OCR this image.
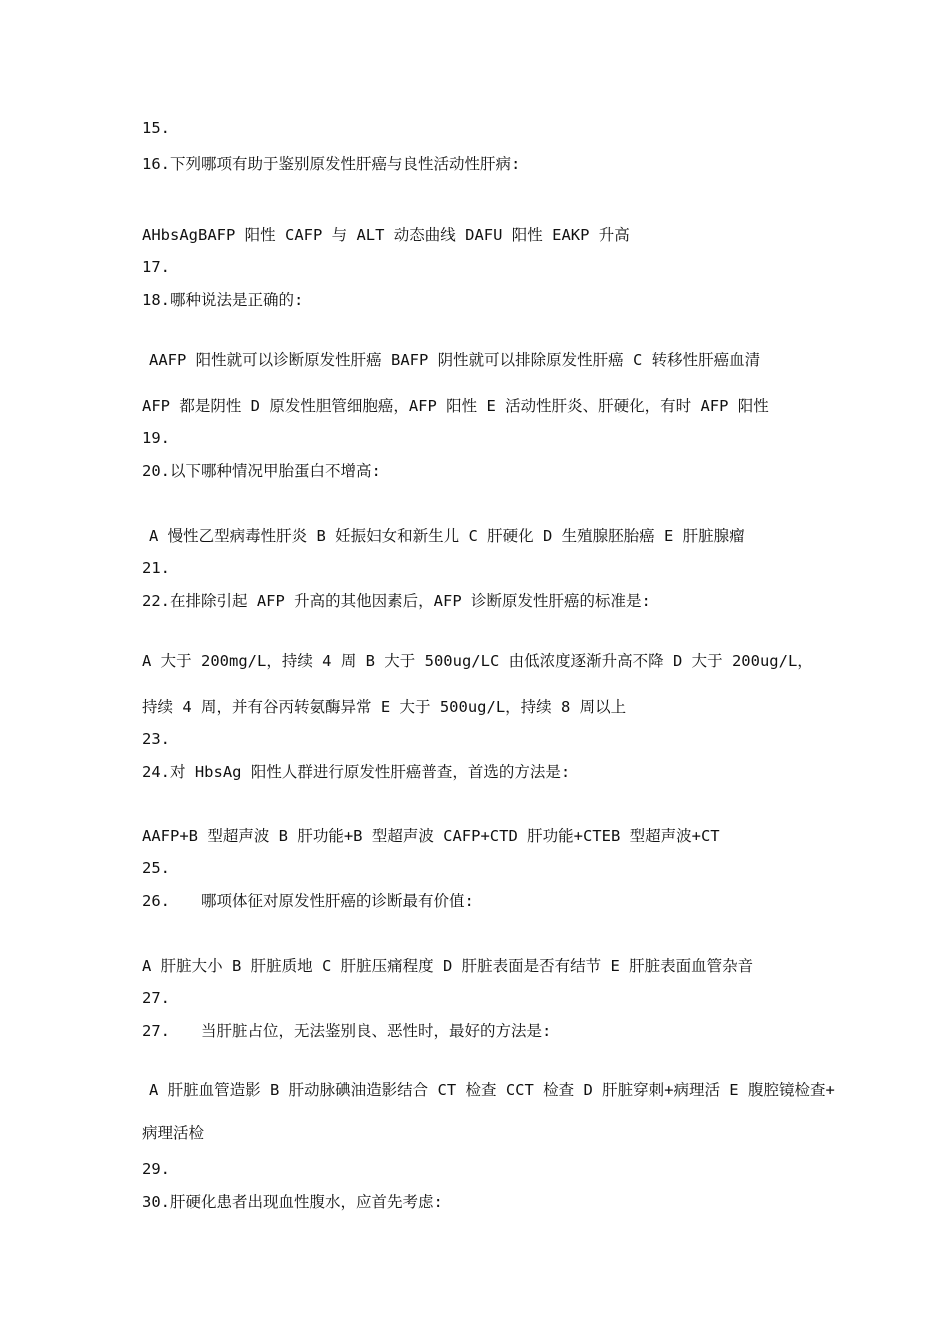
15.
16.下列哪项有助于鉴别原发性肝癌与良性活动性肝病:
AHbsAgBAFP 阳性 CAFP 与 ALT 动态曲线 DAFU 阳性 EAKP 升高
17.
18.哪种说法是正确的:
AAFP 阳性就可以诊断原发性肝癌 BAFP 阴性就可以排除原发性肝癌 C 转移性肝癌血清
AFP 都是阴性 D 原发性胆管细胞癌，AFP 阳性 E 活动性肝炎、肝硬化，有时 AFP 阳性
19.
20.以下哪种情况甲胎蛋白不增高:
A 慢性乙型病毒性肝炎 B 妊振妇女和新生儿 C 肝硬化 D 生殖腺胚胎癌 E 肝脏腺瘤
21.
22.在排除引起 AFP 升高的其他因素后，AFP 诊断原发性肝癌的标准是:
A 大于 200mg/L，持续 4 周 B 大于 500ug/LC 由低浓度逐渐升高不降 D 大于 200ug/L，
持续 4 周，并有谷丙转氨酶异常 E 大于 500ug/L，持续 8 周以上
23.
24.对 HbsAg 阳性人群进行原发性肝癌普查，首选的方法是:
AAFP+B 型超声波 B 肝功能+B 型超声波 CAFP+CTD 肝功能+CTEB 型超声波+CT
25.
26.　　哪项体征对原发性肝癌的诊断最有价值:
A 肝脏大小 B 肝脏质地 C 肝脏压痛程度 D 肝脏表面是否有结节 E 肝脏表面血管杂音
27.
27.　　当肝脏占位，无法鉴别良、恶性时，最好的方法是:
A 肝脏血管造影 B 肝动脉碘油造影结合 CT 检查 CCT 检查 D 肝脏穿刺+病理活 E 腹腔镜检查+
病理活检
29.
30.肝硬化患者出现血性腹水，应首先考虑:
